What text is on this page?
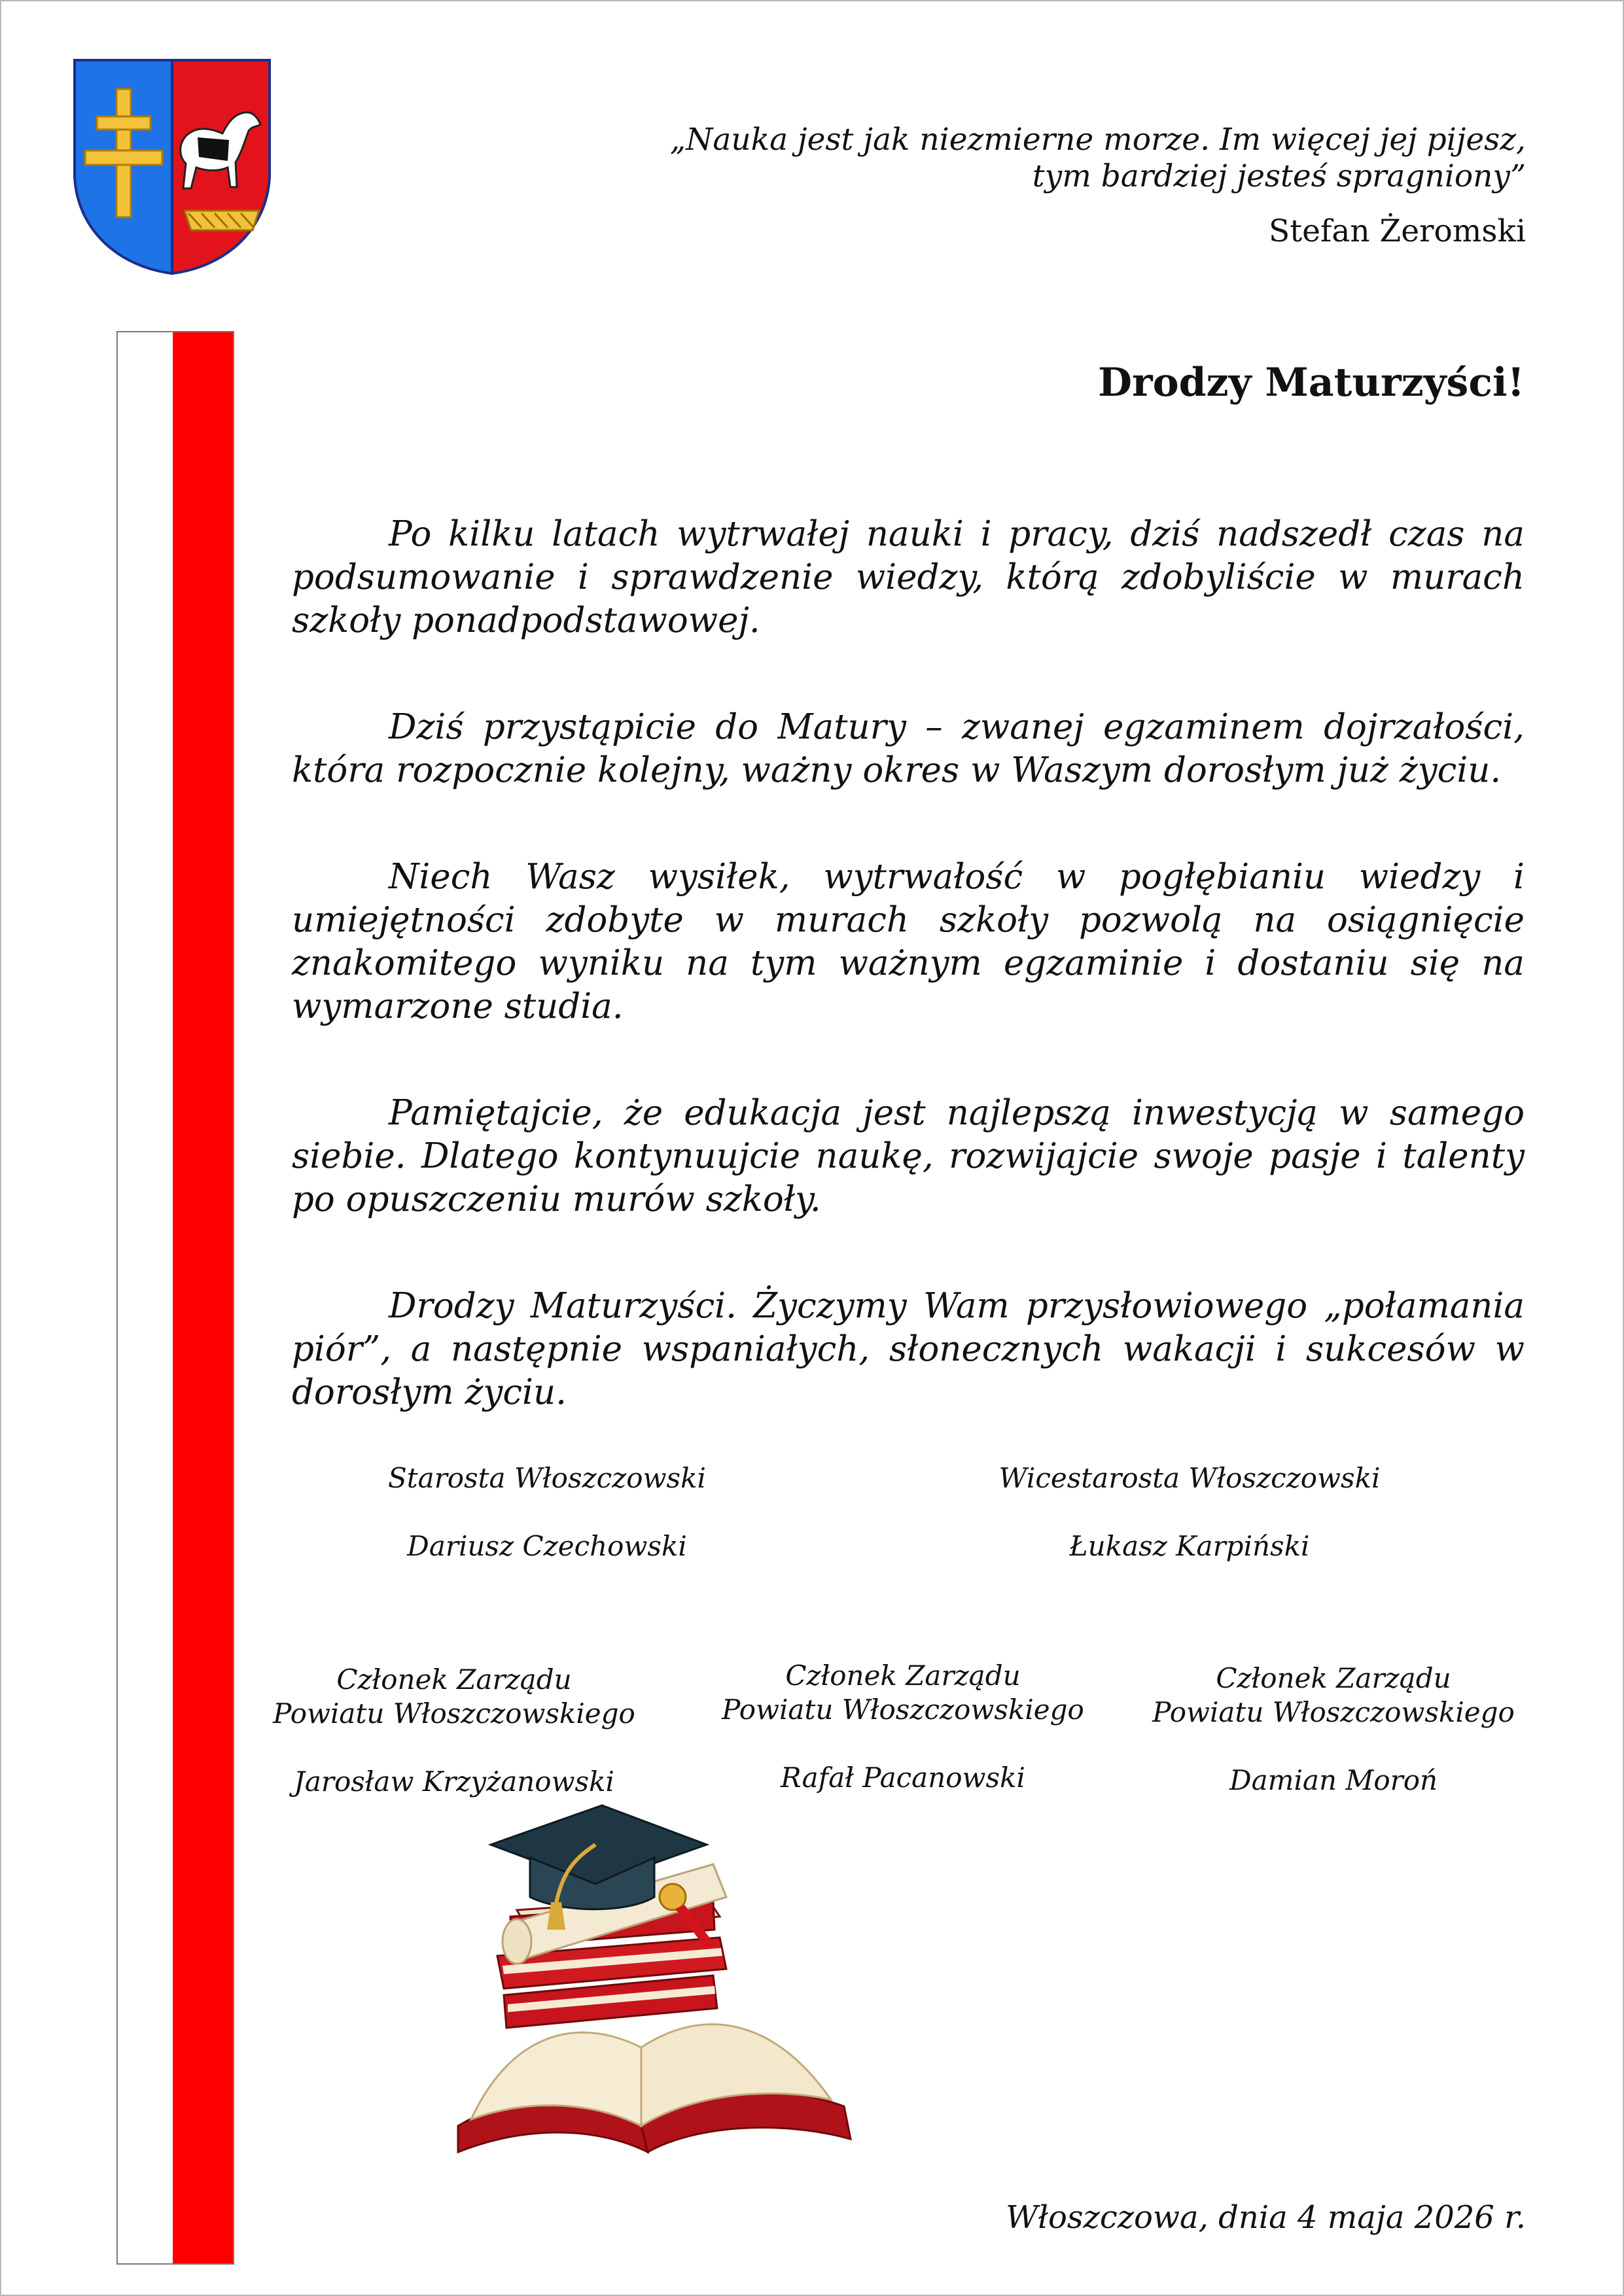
„Nauka jest jak niezmierne morze. Im więcej jej pijesz,
tym bardziej jesteś spragniony”
Stefan Żeromski
Drodzy Maturzyści!

Po kilku latach wytrwałej nauki i pracy, dziś nadszedł czas na podsumowanie i sprawdzenie wiedzy, którą zdobyliście w murach szkoły ponadpodstawowej.

Dziś przystąpicie do Matury – zwanej egzaminem dojrzałości, która rozpocznie kolejny, ważny okres w Waszym dorosłym już życiu.

Niech Wasz wysiłek, wytrwałość w pogłębianiu wiedzy i umiejętności zdobyte w murach szkoły pozwolą na osiągnięcie znakomitego wyniku na tym ważnym egzaminie i dostaniu się na wymarzone studia.

Pamiętajcie, że edukacja jest najlepszą inwestycją w samego siebie. Dlatego kontynuujcie naukę, rozwijajcie swoje pasje i talenty po opuszczeniu murów szkoły.

Drodzy Maturzyści. Życzymy Wam przysłowiowego „połamania piór”, a następnie wspaniałych, słonecznych wakacji i sukcesów w dorosłym życiu.

Starosta Włoszczowski
Dariusz Czechowski
Wicestarosta Włoszczowski
Łukasz Karpiński
Członek Zarządu
Powiatu Włoszczowskiego
Jarosław Krzyżanowski
Członek Zarządu
Powiatu Włoszczowskiego
Rafał Pacanowski
Członek Zarządu
Powiatu Włoszczowskiego
Damian Moroń
Włoszczowa, dnia 4 maja 2026 r.
